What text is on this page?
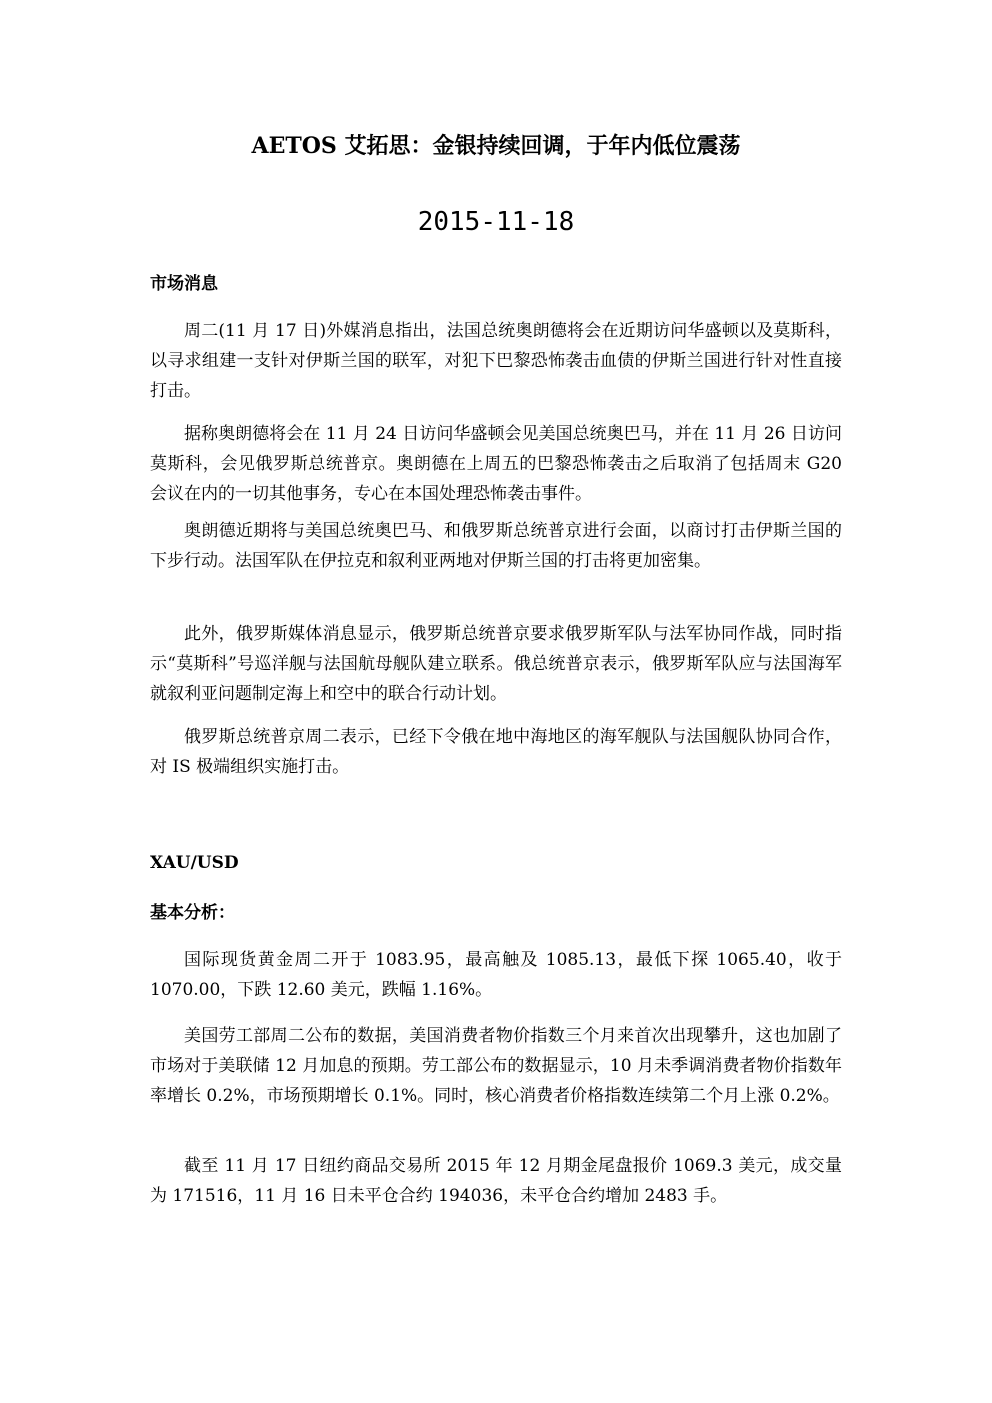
AETOS 艾拓思：金银持续回调，于年内低位震荡
2015-11-18
市场消息
周二(11 月 17 日)外媒消息指出，法国总统奥朗德将会在近期访问华盛顿以及莫斯科，以寻求组建一支针对伊斯兰国的联军，对犯下巴黎恐怖袭击血债的伊斯兰国进行针对性直接打击。
据称奥朗德将会在 11 月 24 日访问华盛顿会见美国总统奥巴马，并在 11 月 26 日访问莫斯科，会见俄罗斯总统普京。奥朗德在上周五的巴黎恐怖袭击之后取消了包括周末 G20 会议在内的一切其他事务，专心在本国处理恐怖袭击事件。
奥朗德近期将与美国总统奥巴马、和俄罗斯总统普京进行会面，以商讨打击伊斯兰国的下步行动。法国军队在伊拉克和叙利亚两地对伊斯兰国的打击将更加密集。
此外，俄罗斯媒体消息显示，俄罗斯总统普京要求俄罗斯军队与法军协同作战，同时指示“莫斯科”号巡洋舰与法国航母舰队建立联系。俄总统普京表示，俄罗斯军队应与法国海军就叙利亚问题制定海上和空中的联合行动计划。
俄罗斯总统普京周二表示，已经下令俄在地中海地区的海军舰队与法国舰队协同合作，对 IS 极端组织实施打击。
XAU/USD
基本分析：
国际现货黄金周二开于 1083.95，最高触及 1085.13，最低下探 1065.40，收于 1070.00，下跌 12.60 美元，跌幅 1.16%。
美国劳工部周二公布的数据，美国消费者物价指数三个月来首次出现攀升，这也加剧了市场对于美联储 12 月加息的预期。劳工部公布的数据显示，10 月未季调消费者物价指数年率增长 0.2%，市场预期增长 0.1%。同时，核心消费者价格指数连续第二个月上涨 0.2%。
截至 11 月 17 日纽约商品交易所 2015 年 12 月期金尾盘报价 1069.3 美元，成交量为 171516，11 月 16 日未平仓合约 194036，未平仓合约增加 2483 手。
